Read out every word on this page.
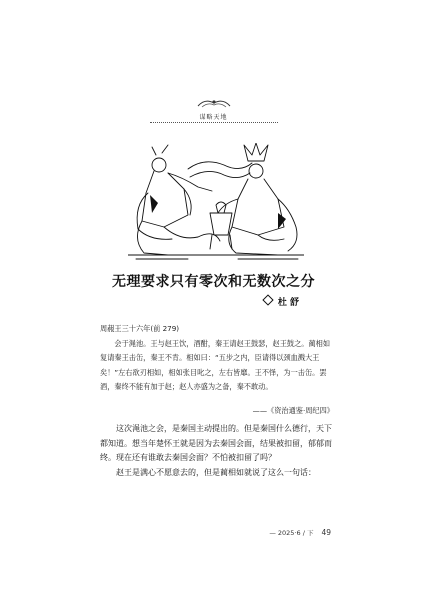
谋略天地
无理要求只有零次和无数次之分
杜 舒

周赧王三十六年(前 279)

会于渑池。王与赵王饮，酒酣，秦王请赵王鼓瑟，赵王鼓之。蔺相如复请秦王击缶，秦王不肯。相如曰：“五步之内，臣请得以颈血溅大王矣！”左右欲刃相如，相如张目叱之，左右皆靡。王不怿，为一击缶。罢酒，秦终不能有加于赵；赵人亦盛为之备，秦不敢动。

——《资治通鉴·周纪四》

这次渑池之会，是秦国主动提出的。但是秦国什么德行，天下都知道。想当年楚怀王就是因为去秦国会面，结果被扣留，郁郁而终。现在还有谁敢去秦国会面？不怕被扣留了吗？

赵王是满心不愿意去的，但是蔺相如就说了这么一句话：

— 2025·6 / 下 49
